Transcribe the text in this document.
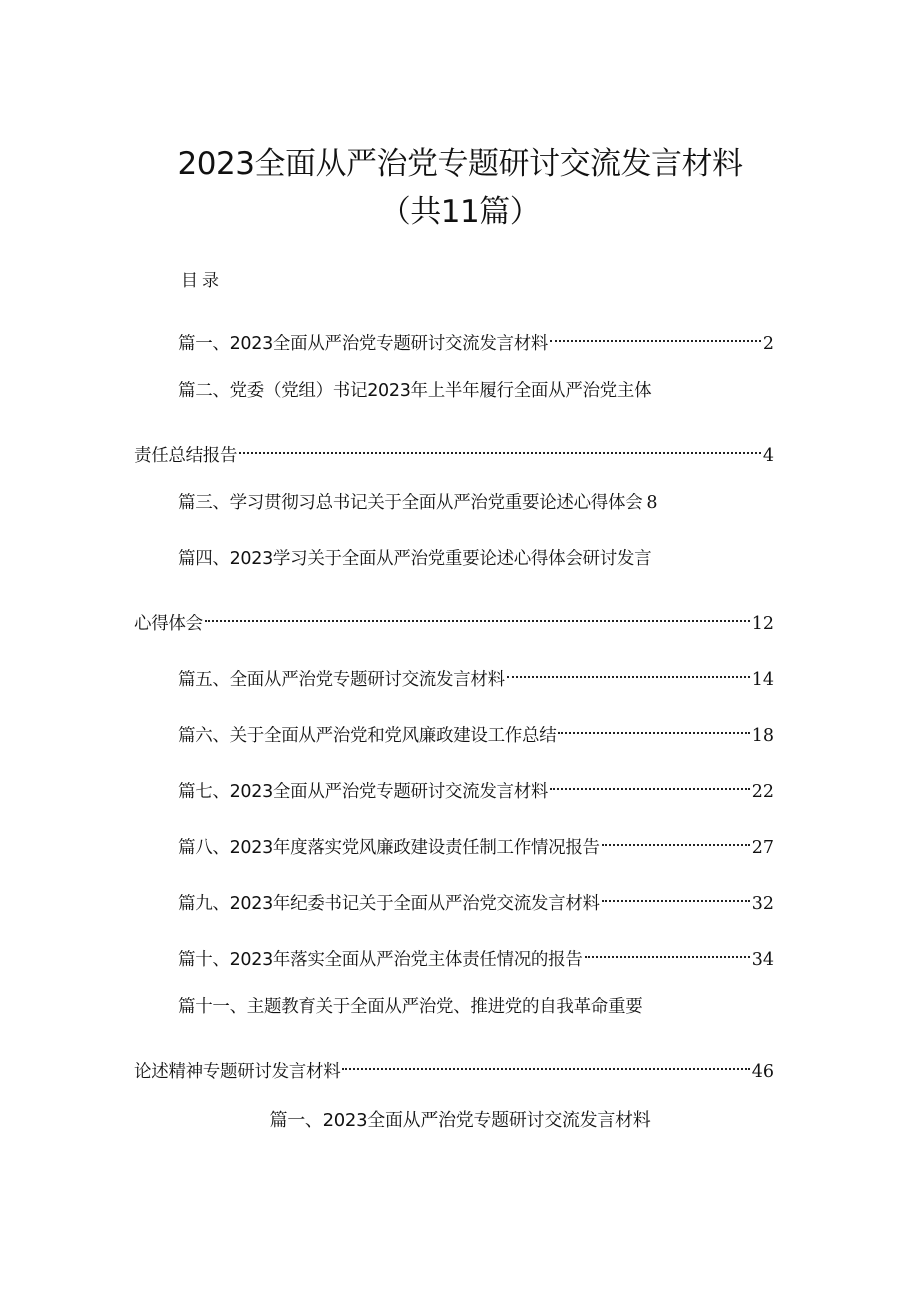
2023全面从严治党专题研讨交流发言材料
（共11篇）
目录
篇一、2023全面从严治党专题研讨交流发言材料	2
篇二、党委（党组）书记2023年上半年履行全面从严治党主体
责任总结报告	4
篇三、学习贯彻习总书记关于全面从严治党重要论述心得体会 8
篇四、2023学习关于全面从严治党重要论述心得体会研讨发言
心得体会	12
篇五、全面从严治党专题研讨交流发言材料	14
篇六、关于全面从严治党和党风廉政建设工作总结	18
篇七、2023全面从严治党专题研讨交流发言材料	22
篇八、2023年度落实党风廉政建设责任制工作情况报告	27
篇九、2023年纪委书记关于全面从严治党交流发言材料	32
篇十、2023年落实全面从严治党主体责任情况的报告	34
篇十一、主题教育关于全面从严治党、推进党的自我革命重要
论述精神专题研讨发言材料	46
篇一、2023全面从严治党专题研讨交流发言材料
